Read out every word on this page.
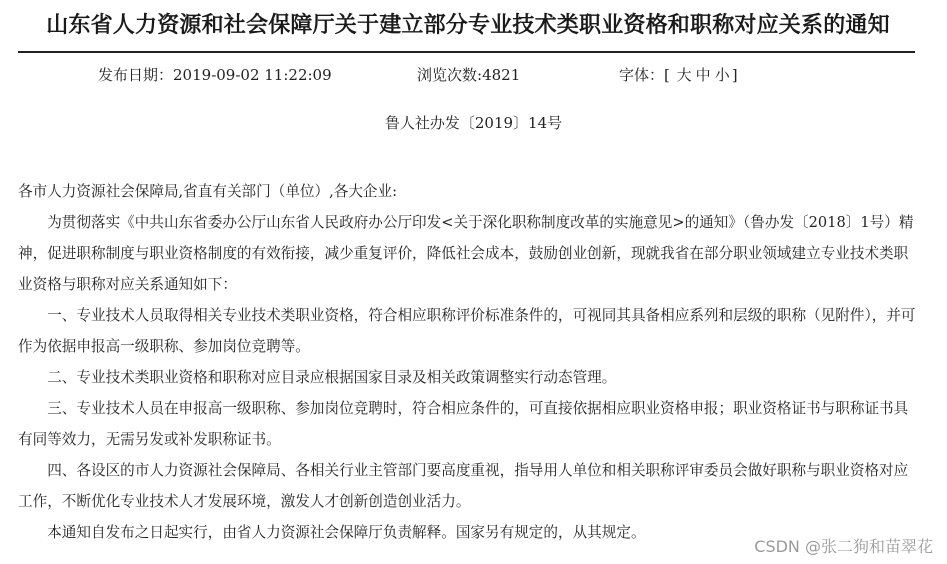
山东省人力资源和社会保障厅关于建立部分专业技术类职业资格和职称对应关系的通知
发布日期：2019-09-02 11:22:09	浏览次数:4821	字体：[ 大 中 小 ]
鲁人社办发〔2019〕14号

各市人力资源社会保障局,省直有关部门（单位）,各大企业:

为贯彻落实《中共山东省委办公厅山东省人民政府办公厅印发<关于深化职称制度改革的实施意见>的通知》（鲁办发〔2018〕1号）精神，促进职称制度与职业资格制度的有效衔接，减少重复评价，降低社会成本，鼓励创业创新，现就我省在部分职业领域建立专业技术类职业资格与职称对应关系通知如下：

一、专业技术人员取得相关专业技术类职业资格，符合相应职称评价标准条件的，可视同其具备相应系列和层级的职称（见附件），并可作为依据申报高一级职称、参加岗位竞聘等。

二、专业技术类职业资格和职称对应目录应根据国家目录及相关政策调整实行动态管理。

三、专业技术人员在申报高一级职称、参加岗位竞聘时，符合相应条件的，可直接依据相应职业资格申报；职业资格证书与职称证书具有同等效力，无需另发或补发职称证书。

四、各设区的市人力资源社会保障局、各相关行业主管部门要高度重视，指导用人单位和相关职称评审委员会做好职称与职业资格对应工作，不断优化专业技术人才发展环境，激发人才创新创造创业活力。

本通知自发布之日起实行，由省人力资源社会保障厅负责解释。国家另有规定的，从其规定。

CSDN @张二狗和苗翠花
